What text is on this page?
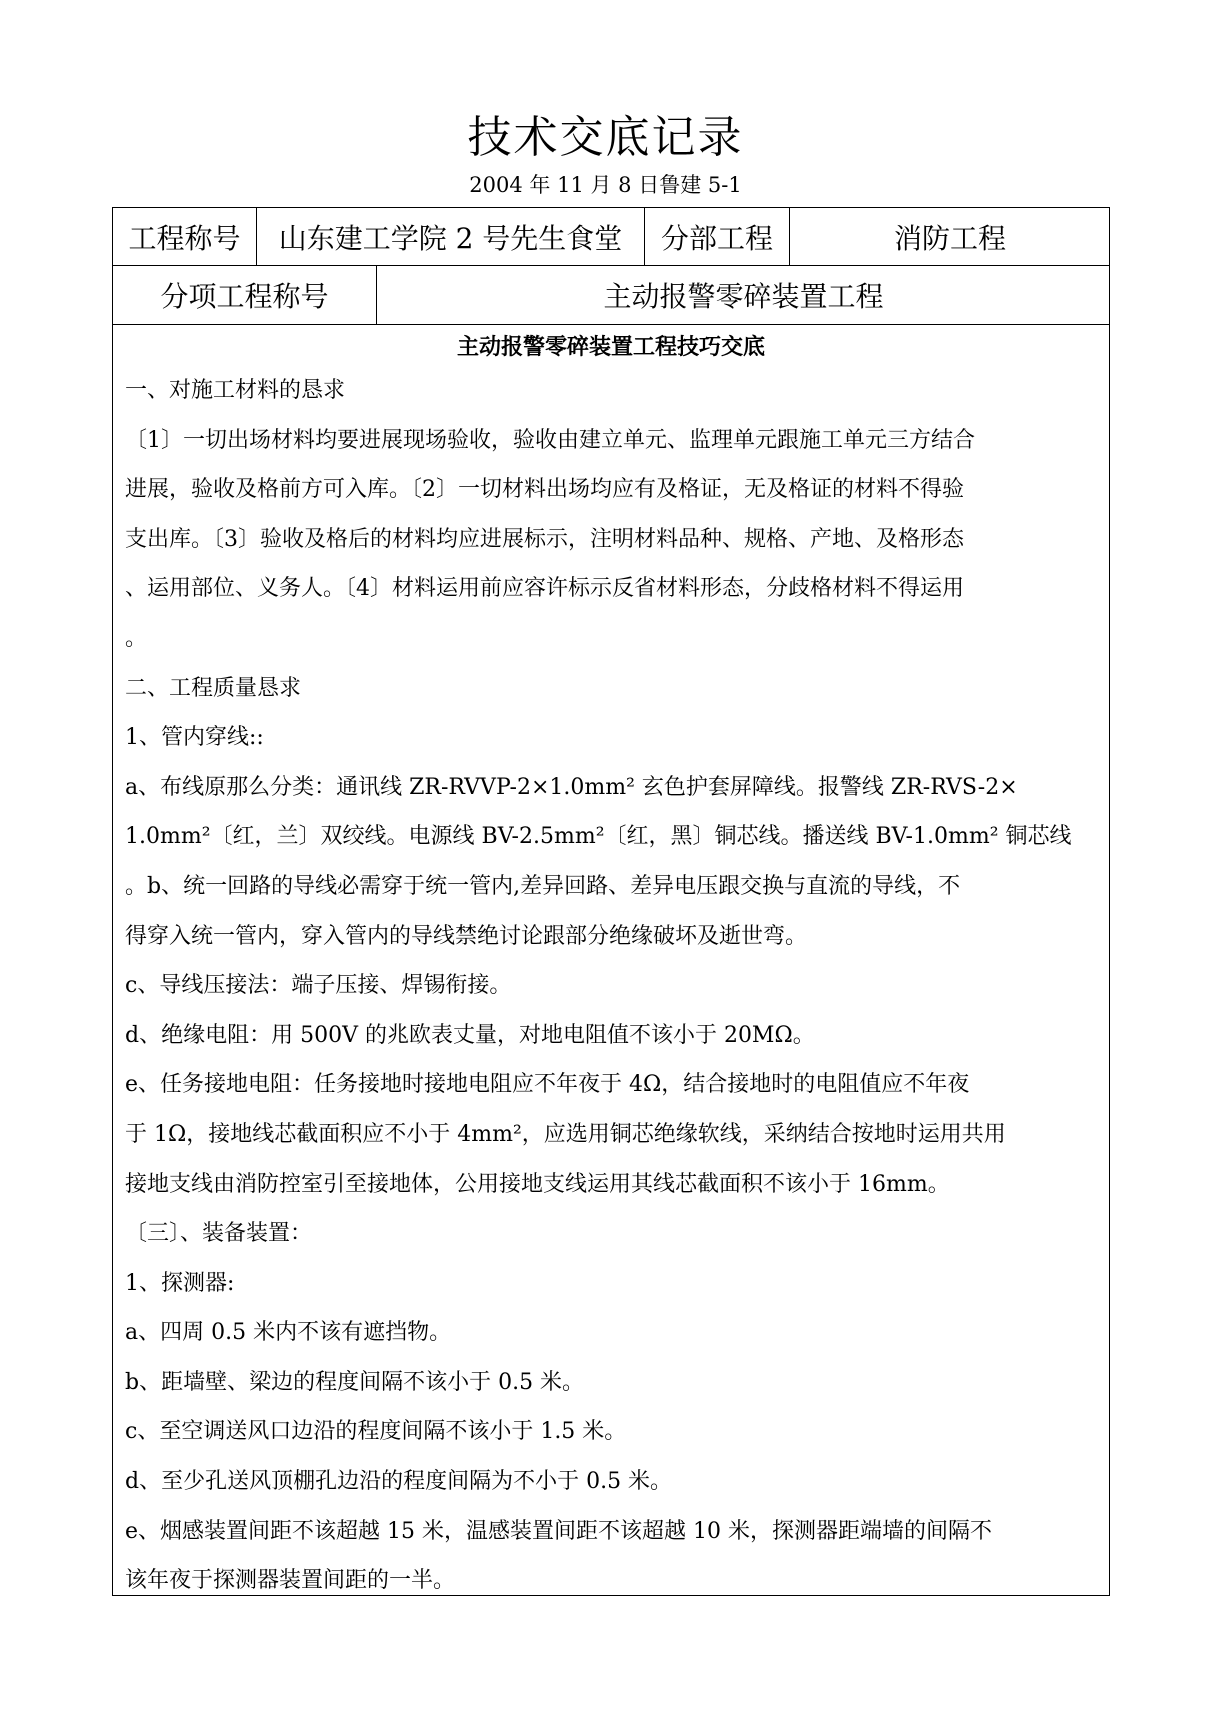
技术交底记录
2004 年 11 月 8 日鲁建 5-1
工程称号	山东建工学院 2 号先生食堂	分部工程	消防工程
分项工程称号	主动报警零碎装置工程
主动报警零碎装置工程技巧交底
一、对施工材料的恳求
〔1〕一切出场材料均要进展现场验收，验收由建立单元、监理单元跟施工单元三方结合
进展，验收及格前方可入库。〔2〕一切材料出场均应有及格证，无及格证的材料不得验
支出库。〔3〕验收及格后的材料均应进展标示，注明材料品种、规格、产地、及格形态
、运用部位、义务人。〔4〕材料运用前应容许标示反省材料形态，分歧格材料不得运用
。
二、工程质量恳求
1、管内穿线::
a、布线原那么分类：通讯线 ZR-RVVP-2×1.0mm² 玄色护套屏障线。报警线 ZR-RVS-2×
1.0mm²〔红，兰〕双绞线。电源线 BV-2.5mm²〔红，黑〕铜芯线。播送线 BV-1.0mm² 铜芯线
。b、统一回路的导线必需穿于统一管内,差异回路、差异电压跟交换与直流的导线，不
得穿入统一管内，穿入管内的导线禁绝讨论跟部分绝缘破坏及逝世弯。
c、导线压接法：端子压接、焊锡衔接。
d、绝缘电阻：用 500V 的兆欧表丈量，对地电阻值不该小于 20MΩ。
e、任务接地电阻：任务接地时接地电阻应不年夜于 4Ω，结合接地时的电阻值应不年夜
于 1Ω，接地线芯截面积应不小于 4mm²，应选用铜芯绝缘软线，采纳结合按地时运用共用
接地支线由消防控室引至接地体，公用接地支线运用其线芯截面积不该小于 16mm。
〔三〕、装备装置：
1、探测器:
a、四周 0.5 米内不该有遮挡物。
b、距墙壁、梁边的程度间隔不该小于 0.5 米。
c、至空调送风口边沿的程度间隔不该小于 1.5 米。
d、至少孔送风顶棚孔边沿的程度间隔为不小于 0.5 米。
e、烟感装置间距不该超越 15 米，温感装置间距不该超越 10 米，探测器距端墙的间隔不
该年夜于探测器装置间距的一半。
